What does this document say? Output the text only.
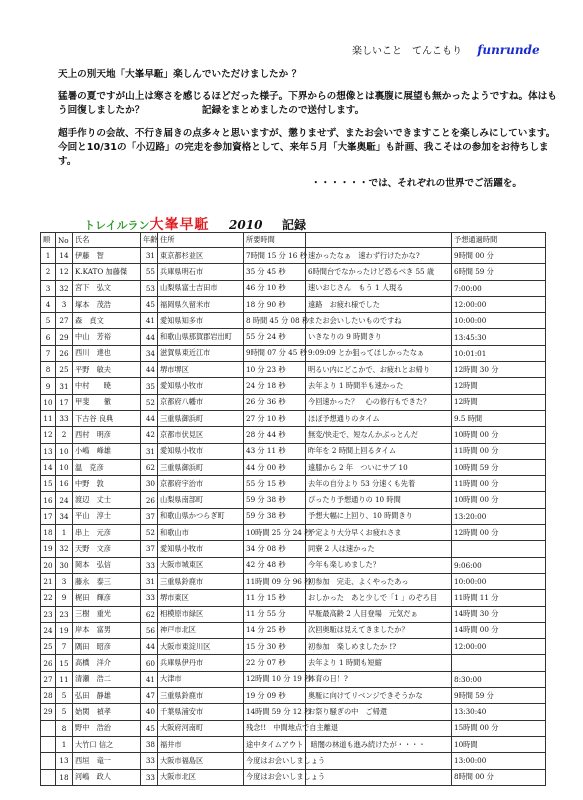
楽しいこと　てんこもり funrunde

天上の別天地「大峯早駈」楽しんでいただけましたか ？

猛暑の夏ですが山上は寒さを感じるほどだった様子。下界からの想像とは裏腹に展望も無かったようですね。体はもう回復しましたか？　　　　　　記録をまとめましたので送付します。

超手作りの会故、不行き届きの点多々と思いますが、懲りませず、またお会いできますことを楽しみにしています。今回と10/31の「小辺路」の完走を参加資格として、来年５月「大峯奥駈」も計画、我こそはの参加をお待ちします。

・・・・・・では、それぞれの世界でご活躍を。

トレイルラン大峯早駈 2010 記録
順	No	氏名	年齢	住所	所要時間		予想通過時間
1	14	伊藤　智	31	東京都杉並区	7時間 15 分 16 秒	速かったなぁ　速わず行けたかな?	9時間 00 分
2	12	K.KATO 加藤傑	55	兵庫県明石市	35 分 45 秒	6時間台でなかったけど恐るべき 55 歳	6時間 59 分
3	32	宮下　弘文	53	山梨県富士吉田市	46 分 10 秒	速いおじさん　もう 1 人現る	7:00:00
4	3	塚本　茂浩	45	福岡県久留米市	18 分 90 秒	遠路　お疲れ様でした	12:00:00
5	27	森　貞文	41	愛知県知多市	8 時間 45 分 08 秒	またお会いしたいものですね	10:00:00
6	29	中山　芳裕	44	和歌山県那賀郡岩出町	55 分 24 秒	いきなりの 9 時間きり	13:45:30
7	26	西川　達也	34	滋賀県東近江市	9時間 07 分 45 秒	9:09:09 とか狙ってほしかったなぁ	10:01:01
8	25	平野　敏夫	44	堺市堺区	10 分 23 秒	明るい内にどこかで、お疲れとお帰り	12時間 30 分
9	31	中村　　暁	35	愛知県小牧市	24 分 18 秒	去年より 1 時間半も速かった	12時間
10	17	甲斐　　徹	52	京都府八幡市	26 分 36 秒	今回速かった？　心の修行もできた？	12時間
11	33	下古谷 良典	44	三重県御浜町	27 分 10 秒	ほぼ予想通りのタイム	9.5 時間
12	2	西村　明彦	42	京都市伏見区	28 分 44 秒	無変/快走で、短なんかぶっとんだ	10時間 00 分
13	10	小嶋　峰雄	31	愛知県小牧市	43 分 11 秒	昨年を 2 時間上回るタイム	11時間 00 分
14	10	温　克彦	62	三重県御浜町	44 分 00 秒	遠膝から 2 年　ついにサブ 10	10時間 59 分
15	16	中野　敦	30	京都府宇治市	55 分 15 秒	去年の自分より 53 分速くも先着	11時間 00 分
16	24	渡辺　丈士	26	山梨県南部町	59 分 38 秒	ぴったり予想通りの 10 時間	10時間 00 分
17	34	平山　淳士	37	和歌山県かつらぎ町	59 分 38 秒	予想大幅に上回り、10 時間きり	13:20:00
18	1	串上　元彦	52	和歌山市	10時間 25 分 24 秒	予定より大分早くお疲れさま	12時間 00 分
19	32	天野　文彦	37	愛知県小牧市	34 分 08 秒	同寮 2 人は速かった	
20	30	岡本　弘信	33	大阪市城東区	42 分 48 秒	今年も楽しめました？	9:06:00
21	3	藤永　泰三	31	三重県鈴鹿市	11時間 09 分 96 秒	初参加　完走、よくやったあっ	10:00:00
22	9	梶田　輝彦	33	堺市東区	11 分 15 秒	おしかった　あと少しで「1 」のぞろ目	11時間 11 分
23	23	三樹　重光	62	相模原市緑区	11 分 55 分	早駈最高齢 2 人目登場　元気だぁ	14時間 30 分
24	19	岸本　富男	56	神戸市北区	14 分 25 秒	次回奥駈は見えてきましたか？	14時間 00 分
25	7	隅田　昭彦	44	大阪市東淀川区	15 分 30 秒	初参加　楽しめましたか !?	12:00:00
26	15	高橋　洋介	60	兵庫県伊丹市	22 分 07 秒	去年より 1 時間も短縮	
27	11	清瀬　浩二	41	大津市	12時間 10 分 19 秒	体育の日！?	8:30:00
28	5	弘田　静雄	47	三重県鈴鹿市	19 分 09 秒	奥駈に向けてリベンジできそうかな	9時間 59 分
29	5	始関　禎孝	40	千葉県浦安市	14時間 59 分 12 秒	お祭り騒ぎの中　ご帰還	13:30:40
	8	野中　浩治	45	大阪府河南町	残念!!　中間地点で自主離退		15時間 00 分
	1	大竹口 信之	38	福井市	途中タイムアウト　暗闇の林道も進み続けたが・・・・		10時間
	13	西垣　竜一	33	大阪市福島区	今度はお会いしましょう		13:00:00
	18	河嶋　政人	33	大阪市北区	今度はお会いしましょう		8時間 00 分
